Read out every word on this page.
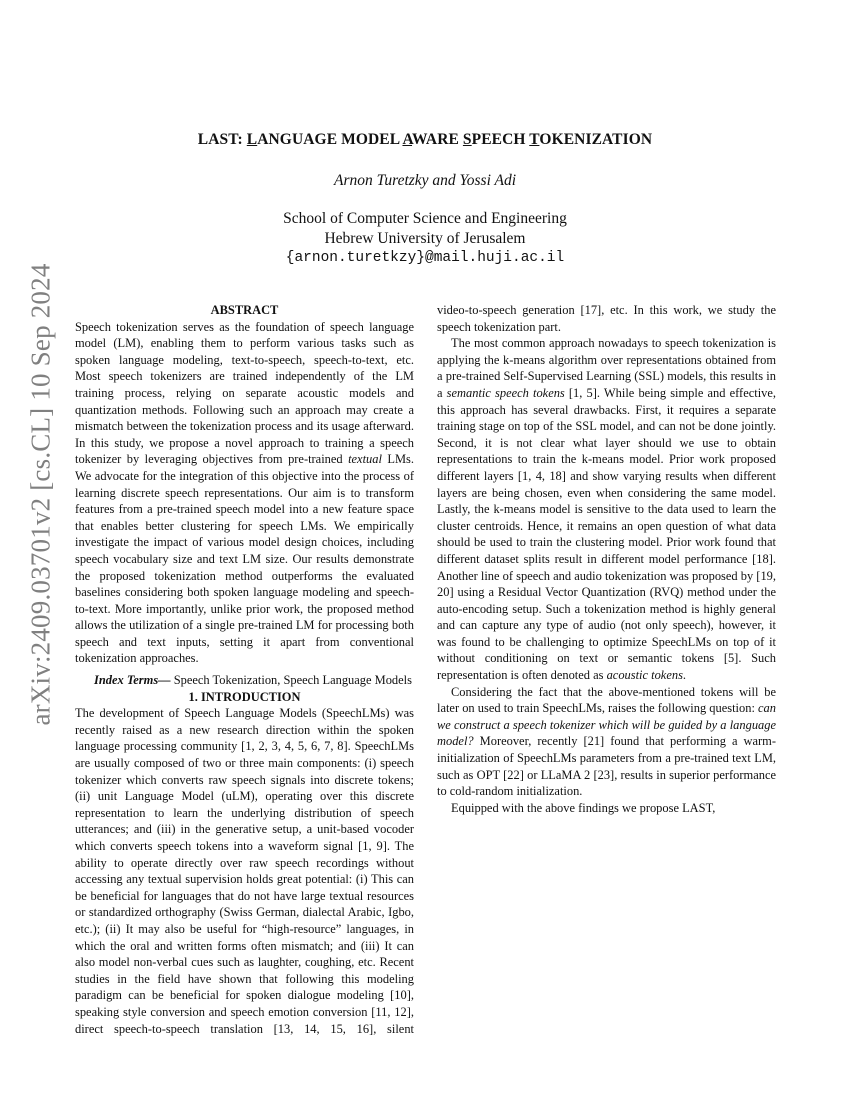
arXiv:2409.03701v2 [cs.CL] 10 Sep 2024
LAST: LANGUAGE MODEL AWARE SPEECH TOKENIZATION
Arnon Turetzky and Yossi Adi
School of Computer Science and Engineering
Hebrew University of Jerusalem
{arnon.turetkzy}@mail.huji.ac.il

ABSTRACT

Speech tokenization serves as the foundation of speech language model (LM), enabling them to perform various tasks such as spoken language modeling, text-to-speech, speech-to-text, etc. Most speech tokenizers are trained independently of the LM training process, relying on separate acoustic models and quantization methods. Following such an approach may create a mismatch between the tokenization process and its usage afterward. In this study, we propose a novel approach to training a speech tokenizer by leveraging objectives from pre-trained textual LMs. We advocate for the integration of this objective into the process of learning discrete speech representations. Our aim is to transform features from a pre-trained speech model into a new feature space that enables better clustering for speech LMs. We empirically investigate the impact of various model design choices, including speech vocabulary size and text LM size. Our results demonstrate the proposed tokenization method outperforms the evaluated baselines considering both spoken language modeling and speech-to-text. More importantly, unlike prior work, the proposed method allows the utilization of a single pre-trained LM for processing both speech and text inputs, setting it apart from conventional tokenization approaches.

Index Terms— Speech Tokenization, Speech Language Models

1. INTRODUCTION

The development of Speech Language Models (SpeechLMs) was recently raised as a new research direction within the spoken language processing community [1, 2, 3, 4, 5, 6, 7, 8]. SpeechLMs are usually composed of two or three main components: (i) speech tokenizer which converts raw speech signals into discrete tokens; (ii) unit Language Model (uLM), operating over this discrete representation to learn the underlying distribution of speech utterances; and (iii) in the generative setup, a unit-based vocoder which converts speech tokens into a waveform signal [1, 9]. The ability to operate directly over raw speech recordings without accessing any textual supervision holds great potential: (i) This can be beneficial for languages that do not have large textual resources or standardized orthography (Swiss German, dialectal Arabic, Igbo, etc.); (ii) It may also be useful for “high-resource” languages, in which the oral and written forms often mismatch; and (iii) It can also model non-verbal cues such as laughter, coughing, etc. Recent studies in the field have shown that following this modeling paradigm can be beneficial for spoken dialogue modeling [10], speaking style conversion and speech emotion conversion [11, 12], direct speech-to-speech translation [13, 14, 15, 16], silent

video-to-speech generation [17], etc. In this work, we study the speech tokenization part.

The most common approach nowadays to speech tokenization is applying the k-means algorithm over representations obtained from a pre-trained Self-Supervised Learning (SSL) models, this results in a semantic speech tokens [1, 5]. While being simple and effective, this approach has several drawbacks. First, it requires a separate training stage on top of the SSL model, and can not be done jointly. Second, it is not clear what layer should we use to obtain representations to train the k-means model. Prior work proposed different layers [1, 4, 18] and show varying results when different layers are being chosen, even when considering the same model. Lastly, the k-means model is sensitive to the data used to learn the cluster centroids. Hence, it remains an open question of what data should be used to train the clustering model. Prior work found that different dataset splits result in different model performance [18]. Another line of speech and audio tokenization was proposed by [19, 20] using a Residual Vector Quantization (RVQ) method under the auto-encoding setup. Such a tokenization method is highly general and can capture any type of audio (not only speech), however, it was found to be challenging to optimize SpeechLMs on top of it without conditioning on text or semantic tokens [5]. Such representation is often denoted as acoustic tokens.

Considering the fact that the above-mentioned tokens will be later on used to train SpeechLMs, raises the following question: can we construct a speech tokenizer which will be guided by a language model? Moreover, recently [21] found that performing a warm-initialization of SpeechLMs parameters from a pre-trained text LM, such as OPT [22] or LLaMA 2 [23], results in superior performance to cold-random initialization.

Equipped with the above findings we propose LAST,
